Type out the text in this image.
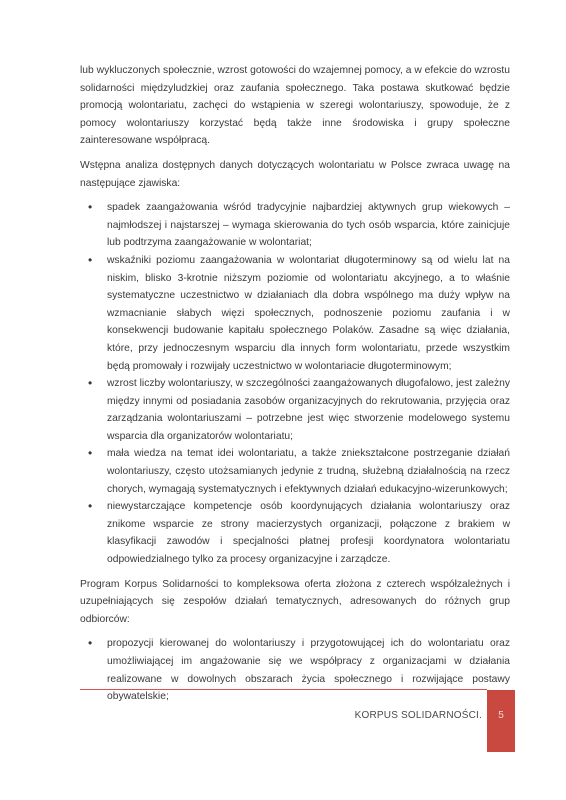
lub wykluczonych społecznie, wzrost gotowości do wzajemnej pomocy, a w efekcie do wzrostu solidarności międzyludzkiej oraz zaufania społecznego. Taka postawa skutkować będzie promocją wolontariatu, zachęci do wstąpienia w szeregi wolontariuszy, spowoduje, że z pomocy wolontariuszy korzystać będą także inne środowiska i grupy społeczne zainteresowane współpracą.

Wstępna analiza dostępnych danych dotyczących wolontariatu w Polsce zwraca uwagę na następujące zjawiska:

• spadek zaangażowania wśród tradycyjnie najbardziej aktywnych grup wiekowych – najmłodszej i najstarszej – wymaga skierowania do tych osób wsparcia, które zainicjuje lub podtrzyma zaangażowanie w wolontariat;
• wskaźniki poziomu zaangażowania w wolontariat długoterminowy są od wielu lat na niskim, blisko 3-krotnie niższym poziomie od wolontariatu akcyjnego, a to właśnie systematyczne uczestnictwo w działaniach dla dobra wspólnego ma duży wpływ na wzmacnianie słabych więzi społecznych, podnoszenie poziomu zaufania i w konsekwencji budowanie kapitału społecznego Polaków. Zasadne są więc działania, które, przy jednoczesnym wsparciu dla innych form wolontariatu, przede wszystkim będą promowały i rozwijały uczestnictwo w wolontariacie długoterminowym;
• wzrost liczby wolontariuszy, w szczególności zaangażowanych długofalowo, jest zależny między innymi od posiadania zasobów organizacyjnych do rekrutowania, przyjęcia oraz zarządzania wolontariuszami – potrzebne jest więc stworzenie modelowego systemu wsparcia dla organizatorów wolontariatu;
• mała wiedza na temat idei wolontariatu, a także zniekształcone postrzeganie działań wolontariuszy, często utożsamianych jedynie z trudną, służebną działalnością na rzecz chorych, wymagają systematycznych i efektywnych działań edukacyjno-wizerunkowych;
• niewystarczające kompetencje osób koordynujących działania wolontariuszy oraz znikome wsparcie ze strony macierzystych organizacji, połączone z brakiem w klasyfikacji zawodów i specjalności płatnej profesji koordynatora wolontariatu odpowiedzialnego tylko za procesy organizacyjne i zarządcze.

Program Korpus Solidarności to kompleksowa oferta złożona z czterech współzależnych i uzupełniających się zespołów działań tematycznych, adresowanych do różnych grup odbiorców:

• propozycji kierowanej do wolontariuszy i przygotowującej ich do wolontariatu oraz umożliwiającej im angażowanie się we współpracy z organizacjami w działania realizowane w dowolnych obszarach życia społecznego i rozwijające postawy obywatelskie;
KORPUS SOLIDARNOŚCI.	5
